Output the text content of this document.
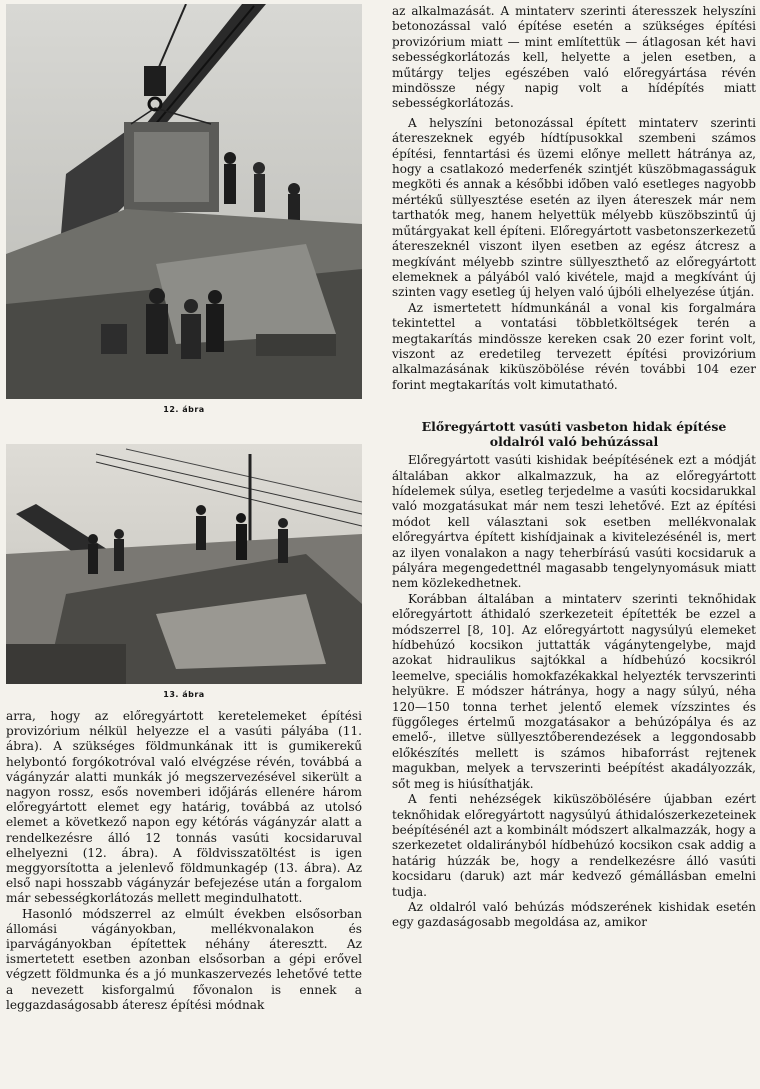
12. ábra
13. ábra

arra, hogy az előregyártott keretelemeket építési provizórium nélkül helyezze el a vasúti pályába (11. ábra). A szükséges földmunkának itt is gumikerekű helybontó forgókotróval való elvégzése révén, továbbá a vágányzár alatti munkák jó megszervezésével sikerült a nagyon rossz, esős novemberi időjárás ellenére három előregyártott elemet egy határig, továbbá az utolsó elemet a következő napon egy kétórás vágányzár alatt a rendelkezésre álló 12 tonnás vasúti kocsidaruval elhelyezni (12. ábra). A földvisszatöltést is igen meggyorsította a jelenlevő földmunkagép (13. ábra). Az első napi hosszabb vágányzár befejezése után a forgalom már sebességkorlátozás mellett megindulhatott.

Hasonló módszerrel az elmúlt években elsősorban állomási vágányokban, mellékvonalakon és iparvágányokban építettek néhány áteresztt. Az ismertetett esetben azonban elsősorban a gépi erővel végzett földmunka és a jó munkaszervezés lehetővé tette a nevezett kisforgalmú fővonalon is ennek a leggazdaságosabb áteresz építési módnak

az alkalmazását. A mintaterv szerinti áteresszek helyszíni betonozással való építése esetén a szükséges építési provizórium miatt — mint említettük — átlagosan két havi sebességkorlátozás kell, helyette a jelen esetben, a műtárgy teljes egészében való előregyártása révén mindössze négy napig volt a hídépítés miatt sebességkorlátozás.

A helyszíni betonozással épített mintaterv szerinti átereszeknek egyéb hídtípusokkal szembeni számos építési, fenntartási és üzemi előnye mellett hátránya az, hogy a csatlakozó mederfenék szintjét küszöbmagasságuk megköti és annak a későbbi időben való esetleges nagyobb mértékű süllyesztése esetén az ilyen átereszek már nem tarthatók meg, hanem helyettük mélyebb küszöbszintű új műtárgyakat kell építeni. Előregyártott vasbetonszerkezetű átereszeknél viszont ilyen esetben az egész átcresz a megkívánt mélyebb szintre süllyeszthető az előregyártott elemeknek a pályából való kivétele, majd a megkívánt új szinten vagy esetleg új helyen való újbóli elhelyezése útján.

Az ismertetett hídmunkánál a vonal kis forgalmára tekintettel a vontatási többletköltségek terén a megtakarítás mindössze kereken csak 20 ezer forint volt, viszont az eredetileg tervezett építési provizórium alkalmazásának kiküszöbölése révén további 104 ezer forint megtakarítás volt kimutatható.

Előregyártott vasúti vasbeton hidak építése
oldalról való behúzással

Előregyártott vasúti kishidak beépítésének ezt a módját általában akkor alkalmazzuk, ha az előregyártott hídelemek súlya, esetleg terjedelme a vasúti kocsidarukkal való mozgatásukat már nem teszi lehetővé. Ezt az építési módot kell választani sok esetben mellékvonalak előregyártva épített kishídjainak a kivitelezésénél is, mert az ilyen vonalakon a nagy teherbírású vasúti kocsidaruk a pályára megengedettnél magasabb tengelynyomásuk miatt nem közlekedhetnek.

Korábban általában a mintaterv szerinti teknőhidak előregyártott áthidaló szerkezeteit építették be ezzel a módszerrel [8, 10]. Az előregyártott nagysúlyú elemeket hídbehúzó kocsikon juttatták vágánytengelybe, majd azokat hidraulikus sajtókkal a hídbehúzó kocsikról leemelve, speciális homokfazékakkal helyezték tervszerinti helyükre. E módszer hátránya, hogy a nagy súlyú, néha 120—150 tonna terhet jelentő elemek vízszintes és függőleges értelmű mozgatásakor a behúzópálya és az emelő-, illetve süllyesztőberendezések a leggondosabb előkészítés mellett is számos hibaforrást rejtenek magukban, melyek a tervszerinti beépítést akadályozzák, sőt meg is hiúsíthatják.

A fenti nehézségek kiküszöbölésére újabban ezért teknőhidak előregyártott nagysúlyú áthidalószerkezeteinek beépítésénél azt a kombinált módszert alkalmazzák, hogy a szerkezetet oldalirányból hídbehúzó kocsikon csak addig a határig húzzák be, hogy a rendelkezésre álló vasúti kocsidaru (daruk) azt már kedvező gémállásban emelni tudja.

Az oldalról való behúzás módszerének kishidak esetén egy gazdaságosabb megoldása az, amikor
